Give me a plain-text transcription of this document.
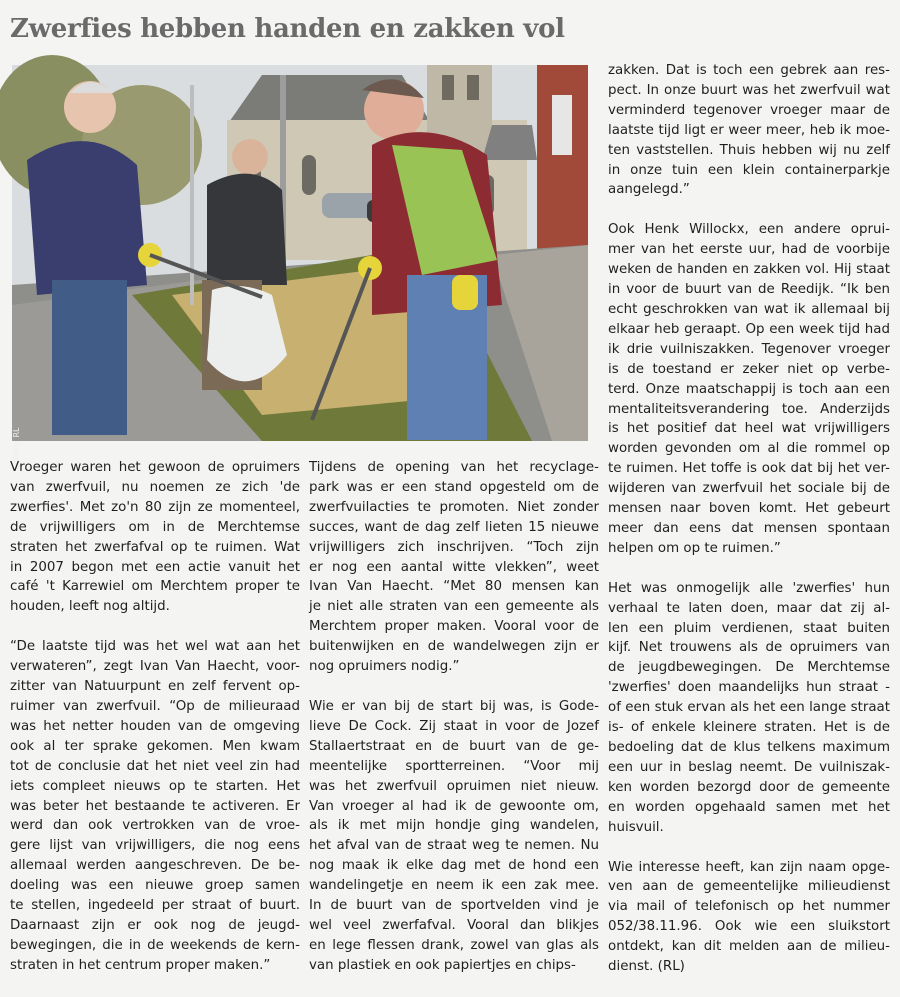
Zwerfies hebben handen en zakken vol
Foto: RL

Vroeger waren het gewoon de opruimers
van zwerfvuil, nu noemen ze zich 'de
zwerfies'. Met zo'n 80 zijn ze momenteel,
de vrijwilligers om in de Merchtemse
straten het zwerfafval op te ruimen. Wat
in 2007 begon met een actie vanuit het
café 't Karrewiel om Merchtem proper te
houden, leeft nog altijd.

“De laatste tijd was het wel wat aan het
verwateren”, zegt Ivan Van Haecht, voor-
zitter van Natuurpunt en zelf fervent op-
ruimer van zwerfvuil. “Op de milieuraad
was het netter houden van de omgeving
ook al ter sprake gekomen. Men kwam
tot de conclusie dat het niet veel zin had
iets compleet nieuws op te starten. Het
was beter het bestaande te activeren. Er
werd dan ook vertrokken van de vroe-
gere lijst van vrijwilligers, die nog eens
allemaal werden aangeschreven. De be-
doeling was een nieuwe groep samen
te stellen, ingedeeld per straat of buurt.
Daarnaast zijn er ook nog de jeugd-
bewegingen, die in de weekends de kern-
straten in het centrum proper maken.”

Tijdens de opening van het recyclage-
park was er een stand opgesteld om de
zwerfvuilacties te promoten. Niet zonder
succes, want de dag zelf lieten 15 nieuwe
vrijwilligers zich inschrijven. “Toch zijn
er nog een aantal witte vlekken”, weet
Ivan Van Haecht. “Met 80 mensen kan
je niet alle straten van een gemeente als
Merchtem proper maken. Vooral voor de
buitenwijken en de wandelwegen zijn er
nog opruimers nodig.”

Wie er van bij de start bij was, is Gode-
lieve De Cock. Zij staat in voor de Jozef
Stallaertstraat en de buurt van de ge-
meentelijke sportterreinen. “Voor mij
was het zwerfvuil opruimen niet nieuw.
Van vroeger al had ik de gewoonte om,
als ik met mijn hondje ging wandelen,
het afval van de straat weg te nemen. Nu
nog maak ik elke dag met de hond een
wandelingetje en neem ik een zak mee.
In de buurt van de sportvelden vind je
wel veel zwerfafval. Vooral dan blikjes
en lege flessen drank, zowel van glas als
van plastiek en ook papiertjes en chips-

zakken. Dat is toch een gebrek aan res-
pect. In onze buurt was het zwerfvuil wat
verminderd tegenover vroeger maar de
laatste tijd ligt er weer meer, heb ik moe-
ten vaststellen. Thuis hebben wij nu zelf
in onze tuin een klein containerparkje
aangelegd.”

Ook Henk Willockx, een andere oprui-
mer van het eerste uur, had de voorbije
weken de handen en zakken vol. Hij staat
in voor de buurt van de Reedijk. “Ik ben
echt geschrokken van wat ik allemaal bij
elkaar heb geraapt. Op een week tijd had
ik drie vuilniszakken. Tegenover vroeger
is de toestand er zeker niet op verbe-
terd. Onze maatschappij is toch aan een
mentaliteitsverandering toe. Anderzijds
is het positief dat heel wat vrijwilligers
worden gevonden om al die rommel op
te ruimen. Het toffe is ook dat bij het ver-
wijderen van zwerfvuil het sociale bij de
mensen naar boven komt. Het gebeurt
meer dan eens dat mensen spontaan
helpen om op te ruimen.”

Het was onmogelijk alle 'zwerfies' hun
verhaal te laten doen, maar dat zij al-
len een pluim verdienen, staat buiten
kijf. Net trouwens als de opruimers van
de jeugdbewegingen. De Merchtemse
'zwerfies' doen maandelijks hun straat -
of een stuk ervan als het een lange straat
is- of enkele kleinere straten. Het is de
bedoeling dat de klus telkens maximum
een uur in beslag neemt. De vuilniszak-
ken worden bezorgd door de gemeente
en worden opgehaald samen met het
huisvuil.

Wie interesse heeft, kan zijn naam opge-
ven aan de gemeentelijke milieudienst
via mail of telefonisch op het nummer
052/38.11.96. Ook wie een sluikstort
ontdekt, kan dit melden aan de milieu-
dienst. (RL)
